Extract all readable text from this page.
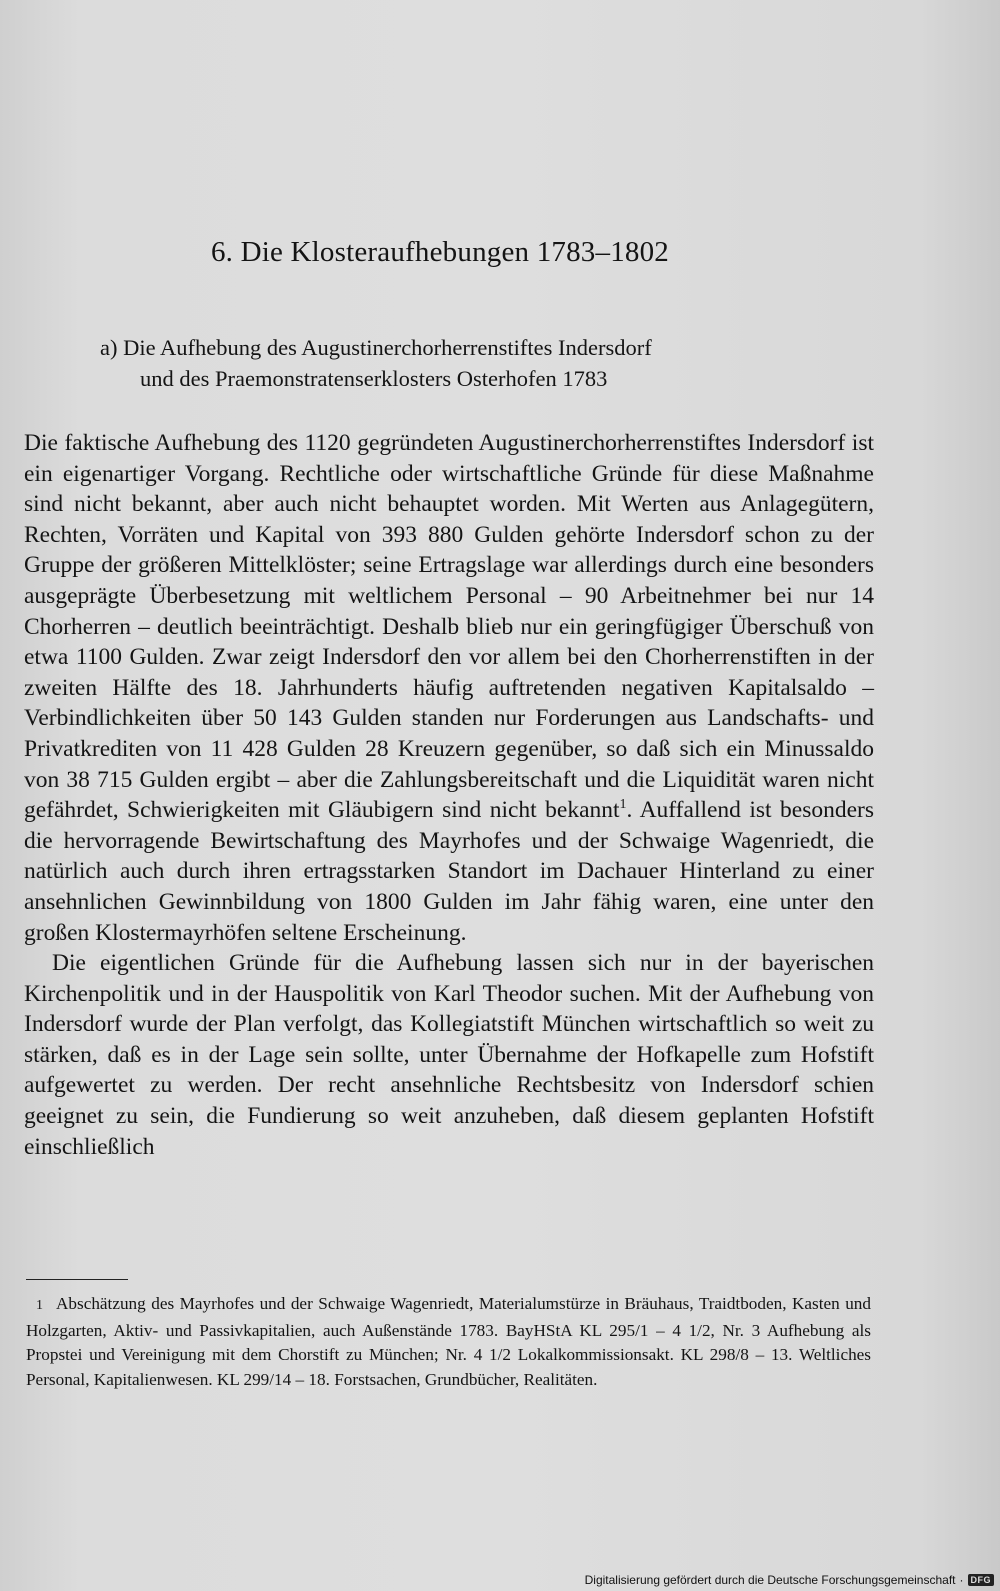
6. Die Klosteraufhebungen 1783–1802
a) Die Aufhebung des Augustinerchorherrenstiftes Indersdorf
und des Praemonstratenserklosters Osterhofen 1783

Die faktische Aufhebung des 1120 gegründeten Augustinerchorherrenstiftes Indersdorf ist ein eigenartiger Vorgang. Rechtliche oder wirtschaftliche Gründe für diese Maßnahme sind nicht bekannt, aber auch nicht behauptet worden. Mit Werten aus Anlagegütern, Rechten, Vorräten und Kapital von 393 880 Gulden gehörte Indersdorf schon zu der Gruppe der größeren Mittelklöster; seine Ertragslage war allerdings durch eine besonders ausgeprägte Überbesetzung mit weltlichem Personal – 90 Arbeitnehmer bei nur 14 Chorherren – deutlich beeinträchtigt. Deshalb blieb nur ein geringfügiger Überschuß von etwa 1100 Gulden. Zwar zeigt Indersdorf den vor allem bei den Chorherrenstiften in der zweiten Hälfte des 18. Jahrhunderts häufig auftretenden negativen Kapitalsaldo – Verbindlichkeiten über 50 143 Gulden standen nur Forderungen aus Landschafts- und Privatkrediten von 11 428 Gulden 28 Kreuzern gegenüber, so daß sich ein Minussaldo von 38 715 Gulden ergibt – aber die Zahlungsbereitschaft und die Liquidität waren nicht gefährdet, Schwierigkeiten mit Gläubigern sind nicht bekannt$^1$. Auffallend ist besonders die hervorragende Bewirtschaftung des Mayrhofes und der Schwaige Wagenriedt, die natürlich auch durch ihren ertragsstarken Standort im Dachauer Hinterland zu einer ansehnlichen Gewinnbildung von 1800 Gulden im Jahr fähig waren, eine unter den großen Klostermayrhöfen seltene Erscheinung.

Die eigentlichen Gründe für die Aufhebung lassen sich nur in der bayerischen Kirchenpolitik und in der Hauspolitik von Karl Theodor suchen. Mit der Aufhebung von Indersdorf wurde der Plan verfolgt, das Kollegiatstift München wirtschaftlich so weit zu stärken, daß es in der Lage sein sollte, unter Übernahme der Hofkapelle zum Hofstift aufgewertet zu werden. Der recht ansehnliche Rechtsbesitz von Indersdorf schien geeignet zu sein, die Fundierung so weit anzuheben, daß diesem geplanten Hofstift einschließlich

1 Abschätzung des Mayrhofes und der Schwaige Wagenriedt, Materialumstürze in Bräuhaus, Traidtboden, Kasten und Holzgarten, Aktiv- und Passivkapitalien, auch Außenstände 1783. BayHStA KL 295/1 – 4 1/2, Nr. 3 Aufhebung als Propstei und Vereinigung mit dem Chorstift zu München; Nr. 4 1/2 Lokalkommissionsakt. KL 298/8 – 13. Weltliches Personal, Kapitalienwesen. KL 299/14 – 18. Forstsachen, Grundbücher, Realitäten.
Digitalisierung gefördert durch die Deutsche Forschungsgemeinschaft · DFG
